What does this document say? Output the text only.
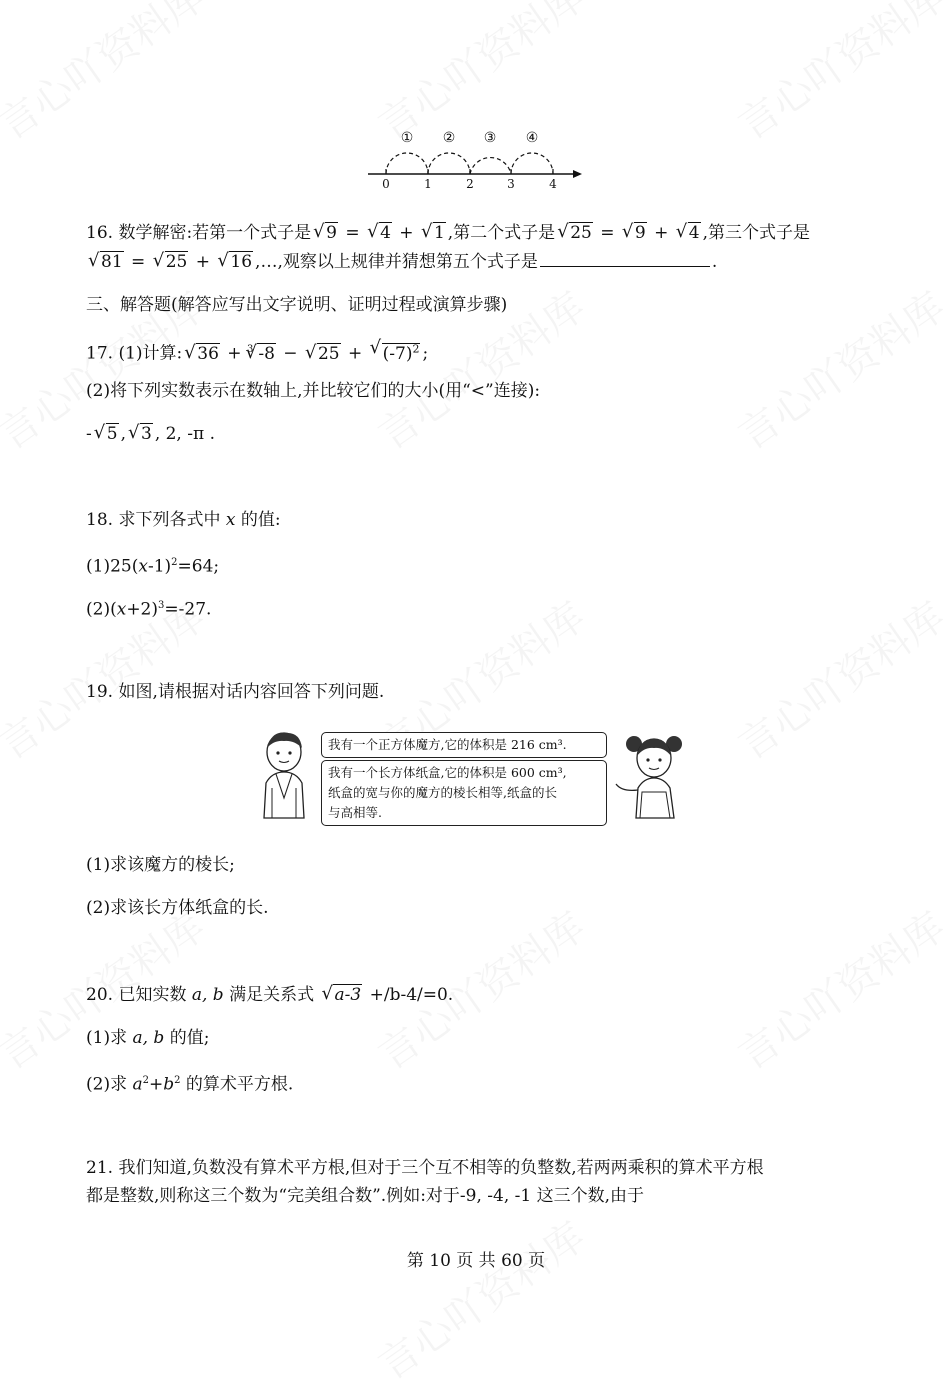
① ② ③ ④
0	1	2	3	4
16. 数学解密:若第一个式子是 √ 9 = √ 4 + √ 1 ,第二个式子是 √ 25 = √ 9 + √ 4 ,第三个式子是
√ 81 = √ 25 + √ 16 ,…,观察以上规律并猜想第五个式子是	.
三、解答题(解答应写出文字说明、证明过程或演算步骤)
17. (1)计算: √ 36 + $^3$ √ -8 − √ 25 + √ $(-7)^2$ ;
(2)将下列实数表示在数轴上,并比较它们的大小(用“<”连接):
- √ 5 , √ 3 , 2, -π .
18. 求下列各式中 x 的值:
$(1)25(x-1)^2=64$;
$(2)(x+2)^3=-27$.
19. 如图,请根据对话内容回答下列问题.
我有一个正方体魔方,它的体积是 216 cm³.
我有一个长方体纸盒,它的体积是 600 cm³,
纸盒的宽与你的魔方的棱长相等,纸盒的长
与高相等.
(1)求该魔方的棱长;
(2)求该长方体纸盒的长.
20. 已知实数 a, b 满足关系式 √ a-3 +/b-4/=0.
(1)求 a, b 的值;
(2)求 $a^2+b^2$ 的算术平方根.
21. 我们知道,负数没有算术平方根,但对于三个互不相等的负整数,若两两乘积的算术平方根
都是整数,则称这三个数为“完美组合数”.例如:对于-9, -4, -1 这三个数,由于
第 10 页 共 60 页
